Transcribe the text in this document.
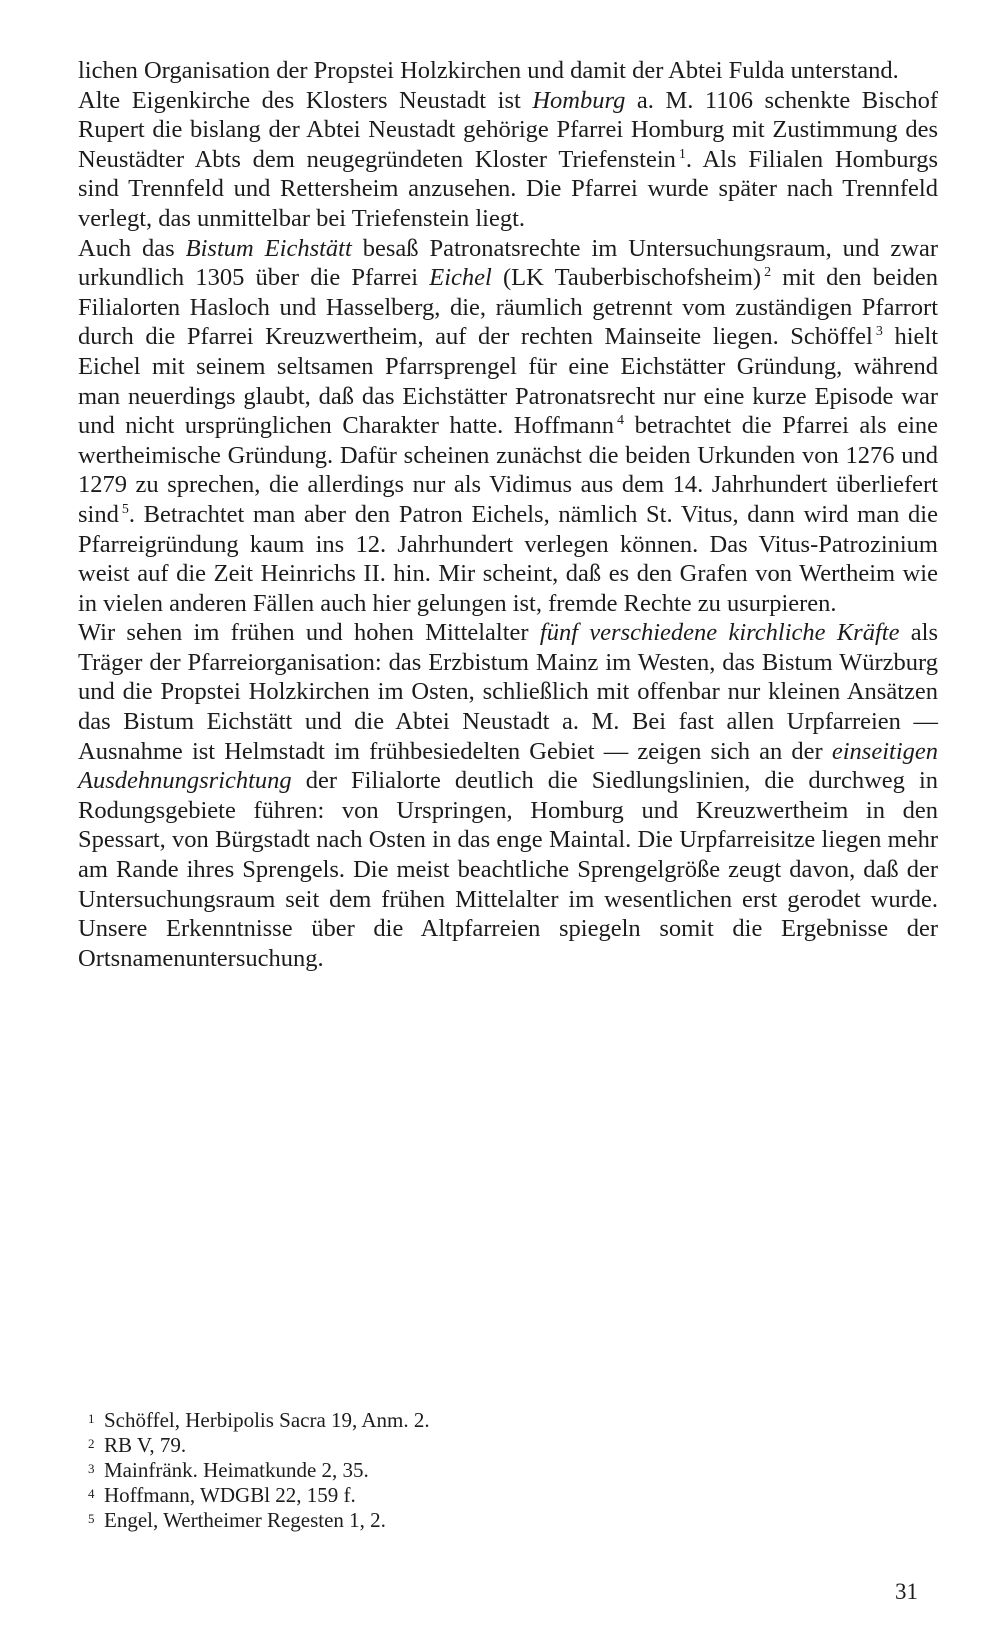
lichen Organisation der Propstei Holzkirchen und damit der Abtei Fulda unterstand.

Alte Eigenkirche des Klosters Neustadt ist Homburg a. M. 1106 schenkte Bischof Rupert die bislang der Abtei Neustadt gehörige Pfarrei Homburg mit Zustimmung des Neustädter Abts dem neugegründeten Kloster Triefenstein $^1$. Als Filialen Homburgs sind Trennfeld und Rettersheim anzusehen. Die Pfarrei wurde später nach Trennfeld verlegt, das unmittelbar bei Triefenstein liegt.

Auch das Bistum Eichstätt besaß Patronatsrechte im Untersuchungsraum, und zwar urkundlich 1305 über die Pfarrei Eichel (LK Tauberbischofsheim) $^2$ mit den beiden Filialorten Hasloch und Hasselberg, die, räumlich getrennt vom zuständigen Pfarrort durch die Pfarrei Kreuzwertheim, auf der rechten Mainseite liegen. Schöffel $^3$ hielt Eichel mit seinem seltsamen Pfarrsprengel für eine Eichstätter Gründung, während man neuerdings glaubt, daß das Eichstätter Patronatsrecht nur eine kurze Episode war und nicht ursprünglichen Charakter hatte. Hoffmann $^4$ betrachtet die Pfarrei als eine wertheimische Gründung. Dafür scheinen zunächst die beiden Urkunden von 1276 und 1279 zu sprechen, die allerdings nur als Vidimus aus dem 14. Jahrhundert überliefert sind $^5$. Betrachtet man aber den Patron Eichels, nämlich St. Vitus, dann wird man die Pfarreigründung kaum ins 12. Jahrhundert verlegen können. Das Vitus-Patrozinium weist auf die Zeit Heinrichs II. hin. Mir scheint, daß es den Grafen von Wertheim wie in vielen anderen Fällen auch hier gelungen ist, fremde Rechte zu usurpieren.

Wir sehen im frühen und hohen Mittelalter fünf verschiedene kirchliche Kräfte als Träger der Pfarreiorganisation: das Erzbistum Mainz im Westen, das Bistum Würzburg und die Propstei Holzkirchen im Osten, schließlich mit offenbar nur kleinen Ansätzen das Bistum Eichstätt und die Abtei Neustadt a. M. Bei fast allen Urpfarreien — Ausnahme ist Helmstadt im frühbesiedelten Gebiet — zeigen sich an der einseitigen Ausdehnungsrichtung der Filialorte deutlich die Siedlungslinien, die durchweg in Rodungsgebiete führen: von Urspringen, Homburg und Kreuzwertheim in den Spessart, von Bürgstadt nach Osten in das enge Maintal. Die Urpfarreisitze liegen mehr am Rande ihres Sprengels. Die meist beachtliche Sprengelgröße zeugt davon, daß der Untersuchungsraum seit dem frühen Mittelalter im wesentlichen erst gerodet wurde. Unsere Erkenntnisse über die Altpfarreien spiegeln somit die Ergebnisse der Ortsnamenuntersuchung.

1 Schöffel, Herbipolis Sacra 19, Anm. 2.
2 RB V, 79.
3 Mainfränk. Heimatkunde 2, 35.
4 Hoffmann, WDGBl 22, 159 f.
5 Engel, Wertheimer Regesten 1, 2.
31
